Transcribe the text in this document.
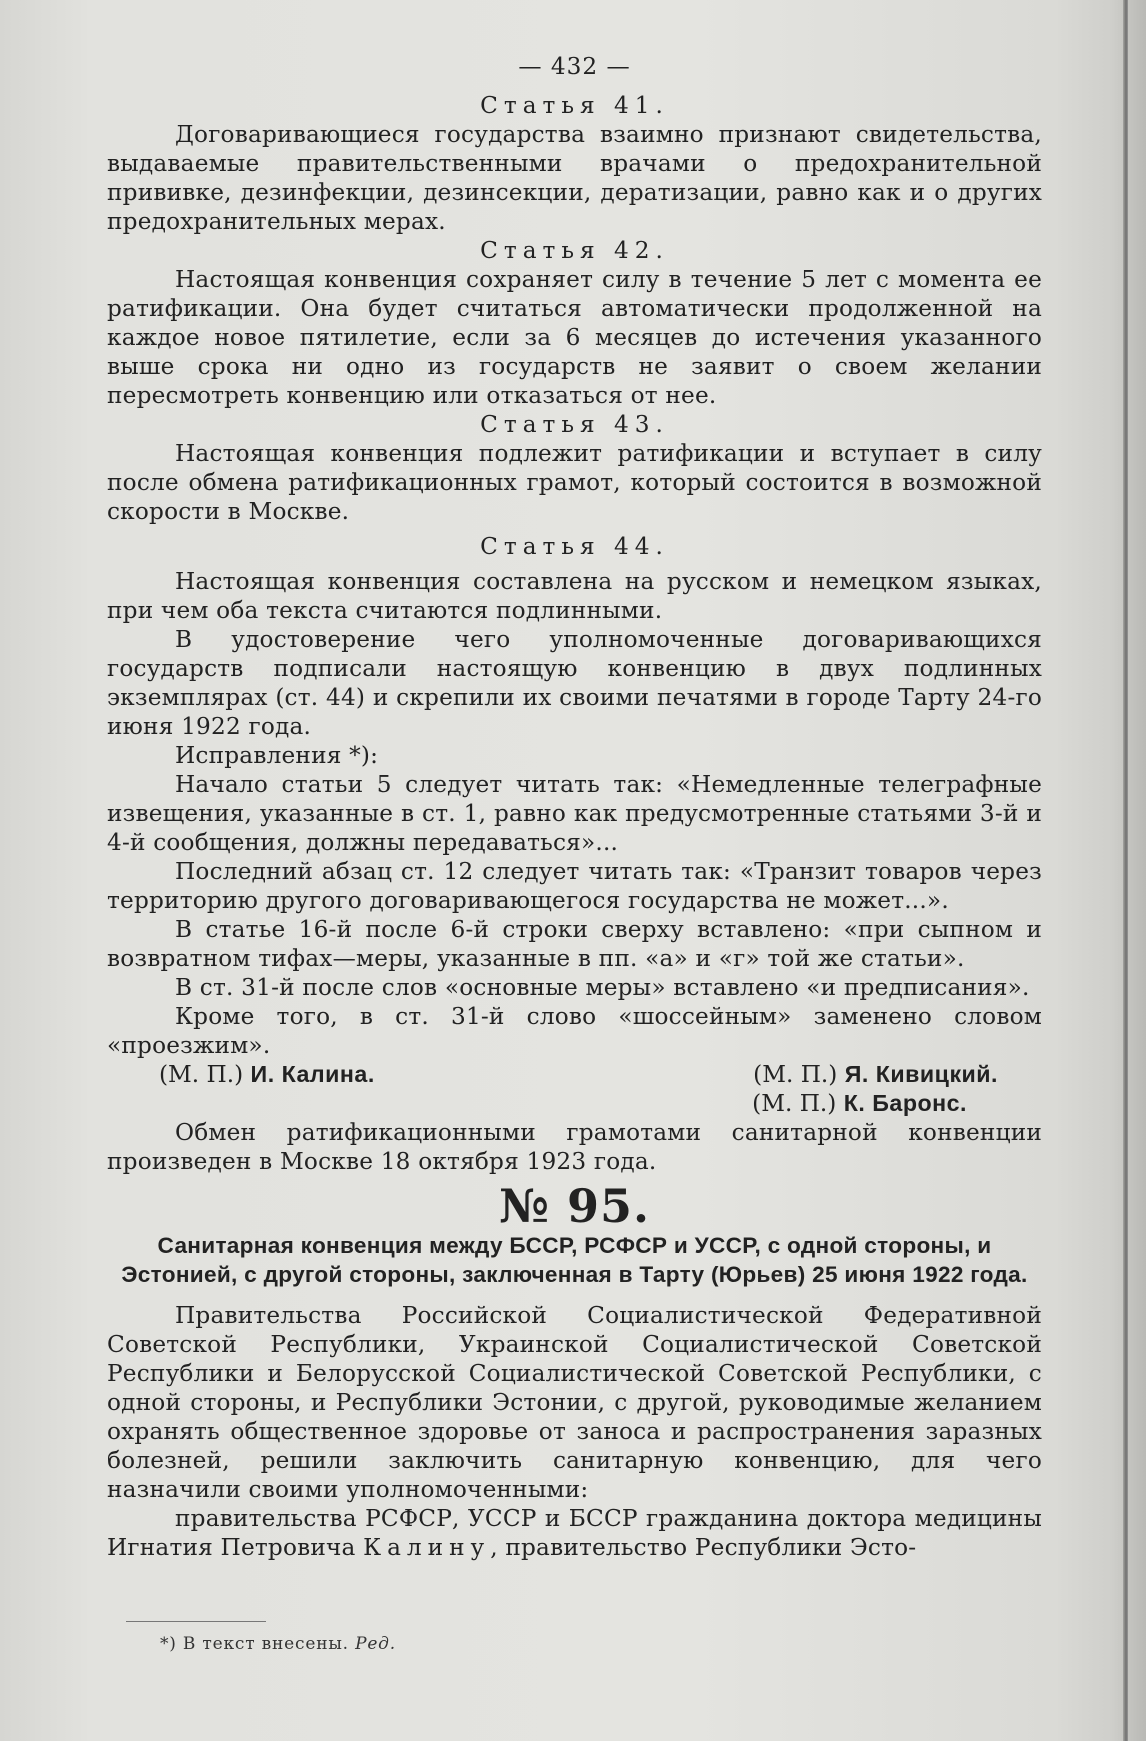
— 432 —
Статья 41.

Договаривающиеся государства взаимно признают свидетельства, выдаваемые правительственными врачами о предохранительной прививке, дезинфекции, дезинсекции, дератизации, равно как и о других предохранительных мерах.

Статья 42.

Настоящая конвенция сохраняет силу в течение 5 лет с момента ее ратификации. Она будет считаться автоматически продолженной на каждое новое пятилетие, если за 6 месяцев до истечения указанного выше срока ни одно из государств не заявит о своем желании пересмотреть конвенцию или отказаться от нее.

Статья 43.

Настоящая конвенция подлежит ратификации и вступает в силу после обмена ратификационных грамот, который состоится в возможной скорости в Москве.

Статья 44.

Настоящая конвенция составлена на русском и немецком языках, при чем оба текста считаются подлинными.

В удостоверение чего уполномоченные договаривающихся государств подписали настоящую конвенцию в двух подлинных экземплярах (ст. 44) и скрепили их своими печатями в городе Тарту 24-го июня 1922 года.

Исправления *):

Начало статьи 5 следует читать так: «Немедленные телеграфные извещения, указанные в ст. 1, равно как предусмотренные статьями 3-й и 4-й сообщения, должны передаваться»...

Последний абзац ст. 12 следует читать так: «Транзит товаров через территорию другого договаривающегося государства не может...».

В статье 16-й после 6-й строки сверху вставлено: «при сыпном и возвратном тифах—меры, указанные в пп. «а» и «г» той же статьи».

В ст. 31-й после слов «основные меры» вставлено «и предписания».

Кроме того, в ст. 31-й слово «шоссейным» заменено словом «проезжим».

(М. П.) И. Калина.	(М. П.) Я. Кивицкий.
(М. П.)
К. Баронс.

Обмен ратификационными грамотами санитарной конвенции произведен в Москве 18 октября 1923 года.

№ 95.
Санитарная конвенция между БССР, РСФСР и УССР, с одной стороны, и Эстонией, с другой стороны, заключенная в Тарту (Юрьев) 25 июня 1922 года.

Правительства Российской Социалистической Федеративной Советской Республики, Украинской Социалистической Советской Республики и Белорусской Социалистической Советской Республики, с одной стороны, и Республики Эстонии, с другой, руководимые желанием охранять общественное здоровье от заноса и распространения заразных болезней, решили заключить санитарную конвенцию, для чего назначили своими уполномоченными:

правительства РСФСР, УССР и БССР гражданина доктора медицины Игнатия Петровича Калину, правительство Республики Эсто-

*) В текст внесены. Ред.
